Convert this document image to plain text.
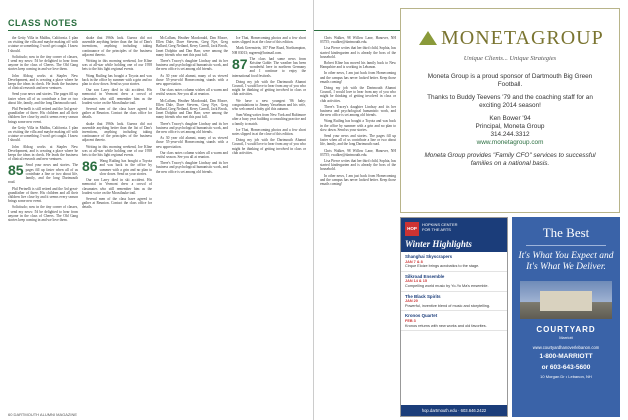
CLASS NOTES

the Getty Villa in Malibu, California. I plan on visiting the villa and maybe making off with a statue or something. I won't get caught. I know I should.

Solicitudo; now in the tiny corner of classes, I send my news: I'd be delighted to hear from anyone in the class of Cheers. The Old Gang stories keep coming in and we love them.

John Aldrag works at Staples New Development, and is creating a place where he keeps the ideas in check. He leads the business of clinical research and new ventures.

Send your news and stories. The pages fill up faster when all of us contribute a line or two about life, family, and the long Dartmouth road.

Phil Perinelli is still retired and the 3rd great-grandfather of three. His children and all their children live close by and it seems every season brings some new event.

the Getty Villa in Malibu, California. I plan on visiting the villa and maybe making off with a statue or something. I won't get caught. I know I should.

John Aldrag works at Staples New Development, and is creating a place where he keeps the ideas in check. He leads the business of clinical research and new ventures.

85 Send your news and stories. The pages fill up faster when all of us contribute a line or two about life, family, and the long Dartmouth road.

Phil Perinelli is still retired and the 3rd great-grandfather of three. His children and all their children live close by and it seems every season brings some new event.

Solicitudo; now in the tiny corner of classes, I send my news: I'd be delighted to hear from anyone in the class of Cheers. The Old Gang stories keep coming in and we love them.

shake that 1960s look. Guerra did not assemble anything better than the list of Dan's inventions, anything including taking continuance of the principles of the business adjacent thereto.

Writing in this morning weekend, Joe Kline was at all-star while holding one of our 1958 bets to the hits light regional events.

Wang Ruiling has bought a Toyota and was back in the office by summer with a grin and no plan to slow down. Send us your stories.

Our son Larry died in ski accident. His memorial in Vermont drew a crowd of classmates who still remember him as the loudest voice on the Moosilauke trail.

Several men of the class have agreed to gather at Reunion. Contact the class office for details.

shake that 1960s look. Guerra did not assemble anything better than the list of Dan's inventions, anything including taking continuance of the principles of the business adjacent thereto.

Writing in this morning weekend, Joe Kline was at all-star while holding one of our 1958 bets to the hits light regional events.

86 Wang Ruiling has bought a Toyota and was back in the office by summer with a grin and no plan to slow down. Send us your stories.

Our son Larry died in ski accident. His memorial in Vermont drew a crowd of classmates who still remember him as the loudest voice on the Moosilauke trail.

Several men of the class have agreed to gather at Reunion. Contact the class office for details.

McCallum, Heather Macdonald, Dan Moore, Ellen Dale, Dave Stevens, Greg Nye, Greg Ballard, Greg Neiland, Kerry Carroll, Jack Brock, Janet Dolphin and Dan Barr, were among the many friends who met this past fall.

There's Tracey's daughter Lindsay and its her business and psychological humanistic work, and the new office is set among old friends.

As 30 year old alumni, many of us viewed those 55-year-old Homecoming stands with a new appreciation.

Our class notes column wishes all a warm and restful season. See you all at reunion.

McCallum, Heather Macdonald, Dan Moore, Ellen Dale, Dave Stevens, Greg Nye, Greg Ballard, Greg Neiland, Kerry Carroll, Jack Brock, Janet Dolphin and Dan Barr, were among the many friends who met this past fall.

There's Tracey's daughter Lindsay and its her business and psychological humanistic work, and the new office is set among old friends.

As 30 year old alumni, many of us viewed those 55-year-old Homecoming stands with a new appreciation.

Our class notes column wishes all a warm and restful season. See you all at reunion.

There's Tracey's daughter Lindsay and its her business and psychological humanistic work, and the new office is set among old friends.

Ice Thai, Homecoming photos and a few short notes slipped in at the close of this edition.

Mark Greenstein, 107 Pine Road, Northampton, NH 03013; mgreen@hotmail.com.

87 The class had some news from Kristine Gable: The weather has been wonderful here in northern Germany and I continue to enjoy the international food festivals.

Doing my job with the Dartmouth Alumni Council, I would love to hear from any of you who might be thinking of getting involved in class or club activities.

We have a new youngest '86 baby: congratulations to Jimmy Vasselman and his wife, who welcomed a baby girl this autumn.

Sam Wang writes from New York and Baltimore after a busy year building a consulting practice and a family to match.

Ice Thai, Homecoming photos and a few short notes slipped in at the close of this edition.

Doing my job with the Dartmouth Alumni Council, I would love to hear from any of you who might be thinking of getting involved in class or club activities.

60 DARTMOUTH ALUMNI MAGAZINE

Chris Walker, 98 Willow Lane, Hanover, NH 03755; cwalker@dartmouth.edu.

Lisa Pierce writes that her third child, Sophia, has started kindergarten and is already the boss of the household.

Robert Kline has moved his family back to New Hampshire and is working in Lebanon.

In other news, I am just back from Homecoming and the campus has never looked better. Keep those emails coming!

Doing my job with the Dartmouth Alumni Council, I would love to hear from any of you who might be thinking of getting involved in class or club activities.

There's Tracey's daughter Lindsay and its her business and psychological humanistic work, and the new office is set among old friends.

Wang Ruiling has bought a Toyota and was back in the office by summer with a grin and no plan to slow down. Send us your stories.

Send your news and stories. The pages fill up faster when all of us contribute a line or two about life, family, and the long Dartmouth road.

Chris Walker, 98 Willow Lane, Hanover, NH 03755; cwalker@dartmouth.edu.

Lisa Pierce writes that her third child, Sophia, has started kindergarten and is already the boss of the household.

In other news, I am just back from Homecoming and the campus has never looked better. Keep those emails coming!

MONETAGROUP
Unique Clients... Unique Strategies

Moneta Group is a proud sponsor of Dartmouth Big Green Football.

Thanks to Buddy Teevens '79 and the coaching staff for an exciting 2014 season!

Ken Bower '94

Principal, Moneta Group

314.244.3312

www.monetagroup.com

Moneta Group provides "Family CFO" services to successful families on a national basis.

HOP
HOPKINS CENTER
FOR THE ARTS
Winter Highlights
Shanghai Skyscrapers
JAN 7 & 8
Cirque Eloize brings acrobatics to the stage.
Silkroad Ensemble
JAN 14 & 15
Compelling world music by Yo-Yo Ma's ensemble.
The Black Spirits
JAN 20
Powerful, inventive blend of music and storytelling.
Kronos Quartet
FEB 3
Kronos returns with new works and old favorites.
hop.dartmouth.edu · 603.646.2422
The Best
It's What You Expect and It's What We Deliver.
COURTYARD
Marriott
www.courtyardhanoverlebanon.com
1-800-MARRIOTT
or 603-643-5600
10 Morgan Dr • Lebanon, NH
